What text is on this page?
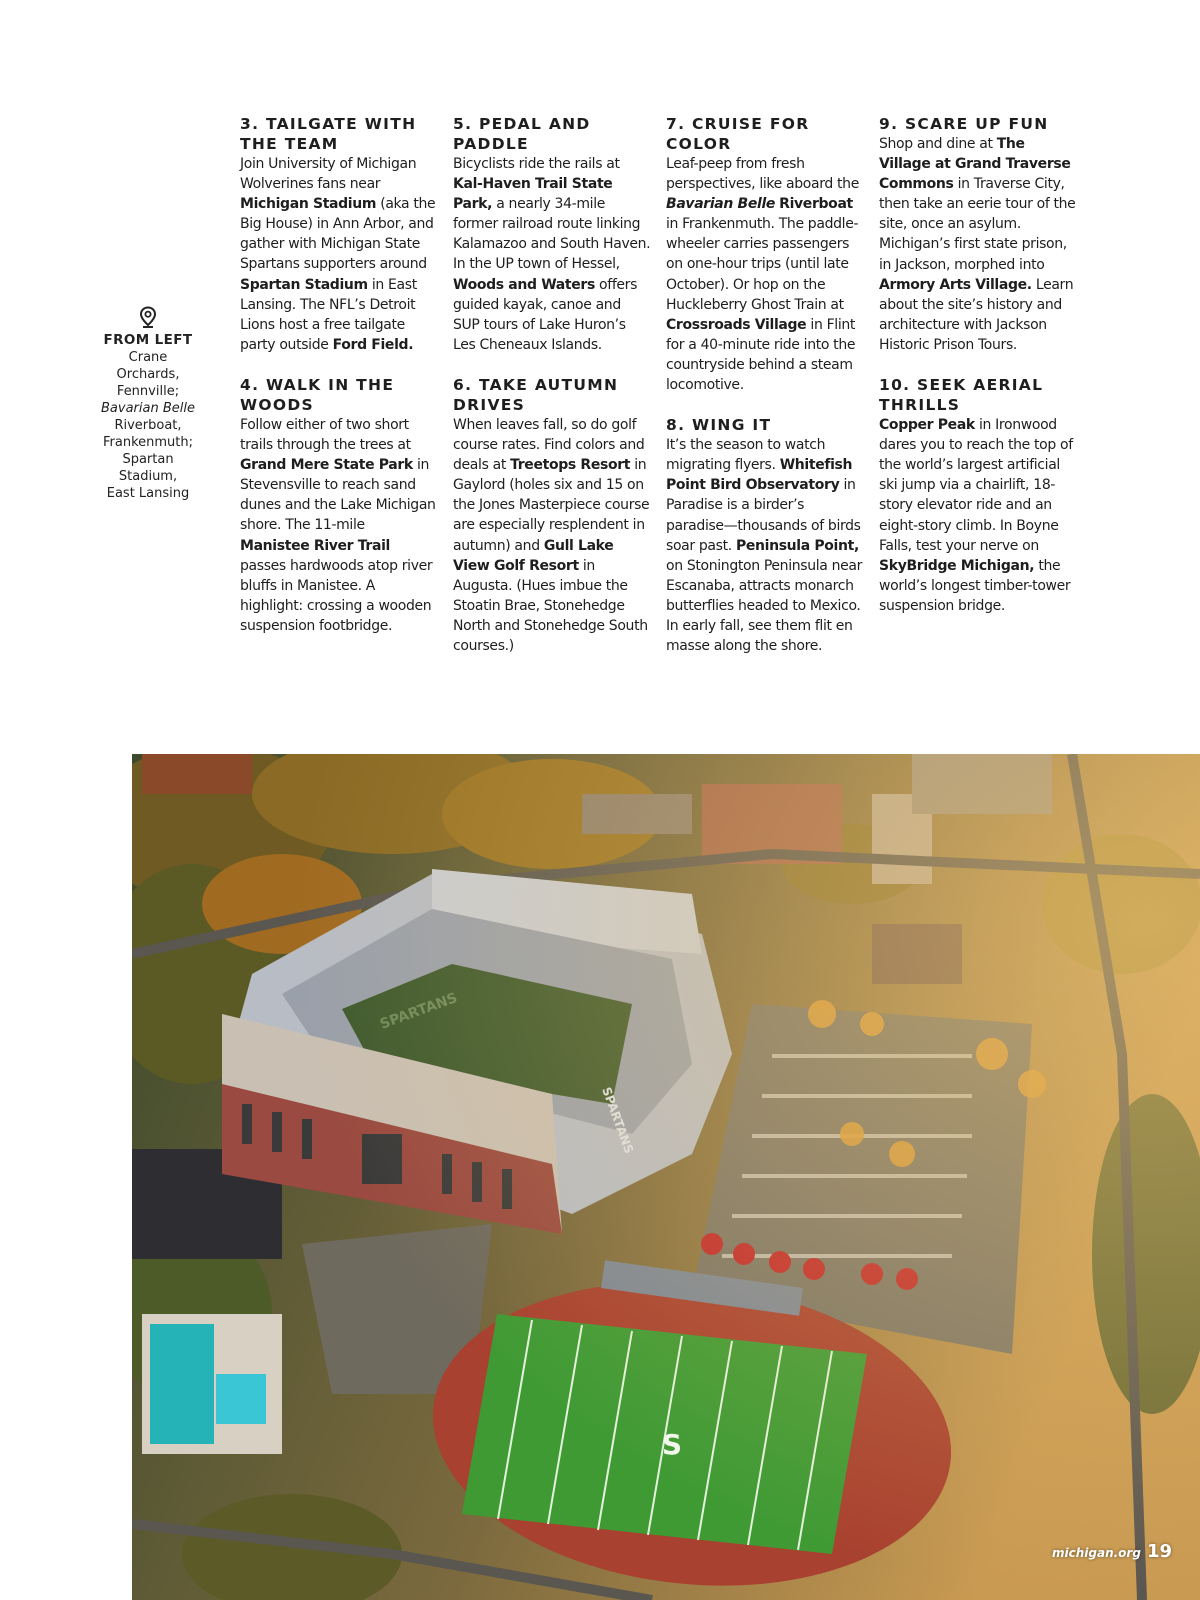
FROM LEFT
Crane
Orchards,
Fennville;
Bavarian Belle
Riverboat,
Frankenmuth;
Spartan
Stadium,
East Lansing
3. TAILGATE WITH THE TEAM

Join University of Michigan Wolverines fans near Michigan Stadium (aka the Big House) in Ann Arbor, and gather with Michigan State Spartans supporters around Spartan Stadium in East Lansing. The NFL’s Detroit Lions host a free tailgate party outside Ford Field.

4. WALK IN THE WOODS

Follow either of two short trails through the trees at Grand Mere State Park in Stevensville to reach sand dunes and the Lake Michigan shore. The 11-mile Manistee River Trail passes hardwoods atop river bluffs in Manistee. A highlight: crossing a wooden suspension footbridge.

5. PEDAL AND PADDLE

Bicyclists ride the rails at Kal-Haven Trail State Park, a nearly 34-mile former railroad route linking Kalamazoo and South Haven. In the UP town of Hessel, Woods and Waters offers guided kayak, canoe and SUP tours of Lake Huron’s Les Cheneaux Islands.

6. TAKE AUTUMN DRIVES

When leaves fall, so do golf course rates. Find colors and deals at Treetops Resort in Gaylord (holes six and 15 on the Jones Masterpiece course are especially resplendent in autumn) and Gull Lake View Golf Resort in Augusta. (Hues imbue the Stoatin Brae, Stonehedge North and Stonehedge South courses.)

7. CRUISE FOR COLOR

Leaf-peep from fresh perspectives, like aboard the Bavarian Belle Riverboat in Frankenmuth. The paddle-wheeler carries passengers on one-hour trips (until late October). Or hop on the Huckleberry Ghost Train at Crossroads Village in Flint for a 40-minute ride into the countryside behind a steam locomotive.

8. WING IT

It’s the season to watch migrating flyers. Whitefish Point Bird Observatory in Paradise is a birder’s paradise—thousands of birds soar past. Peninsula Point, on Stonington Peninsula near Escanaba, attracts monarch butterflies headed to Mexico. In early fall, see them flit en masse along the shore.

9. SCARE UP FUN

Shop and dine at The Village at Grand Traverse Commons in Traverse City, then take an eerie tour of the site, once an asylum. Michigan’s first state prison, in Jackson, morphed into Armory Arts Village. Learn about the site’s history and architecture with Jackson Historic Prison Tours.

10. SEEK AERIAL THRILLS

Copper Peak in Ironwood dares you to reach the top of the world’s largest artificial ski jump via a chairlift, 18-story elevator ride and an eight-story climb. In Boyne Falls, test your nerve on SkyBridge Michigan, the world’s longest timber-tower suspension bridge.

michigan.org 19
